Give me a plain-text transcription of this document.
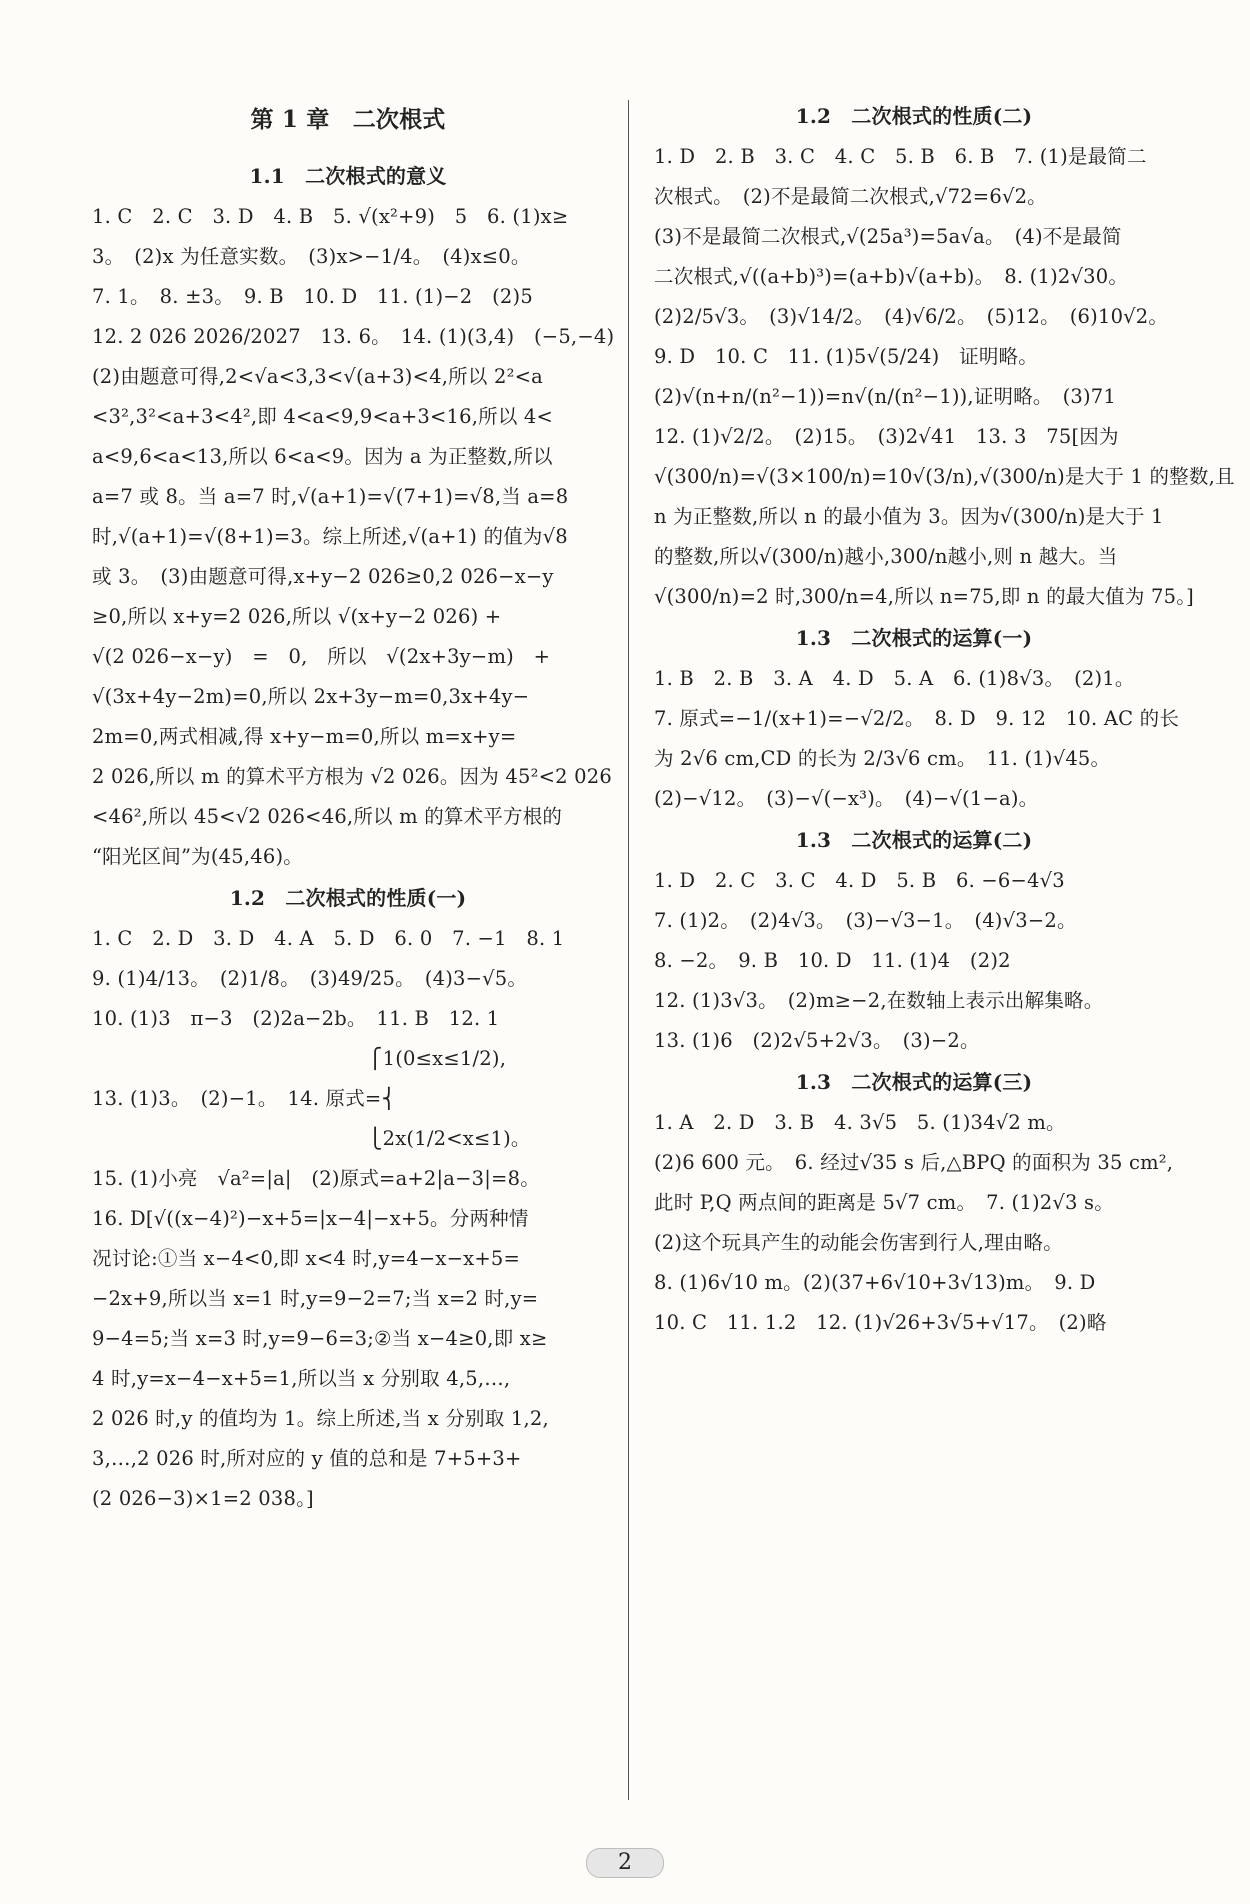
第 1 章　二次根式
1.1　二次根式的意义
1. C　2. C　3. D　4. B　5. √(x²+9)　5　6. (1)x≥
3。　(2)x 为任意实数。　(3)x>−1/4。　(4)x≤0。
7. 1。　8. ±3。　9. B　10. D　11. (1)−2　(2)5
12. 2 026 2026/2027　13. 6。　14. (1)(3,4)　(−5,−4)
(2)由题意可得,2<√a<3,3<√(a+3)<4,所以 2²<a
<3²,3²<a+3<4²,即 4<a<9,9<a+3<16,所以 4<
a<9,6<a<13,所以 6<a<9。因为 a 为正整数,所以
a=7 或 8。当 a=7 时,√(a+1)=√(7+1)=√8,当 a=8
时,√(a+1)=√(8+1)=3。综上所述,√(a+1) 的值为√8
或 3。　(3)由题意可得,x+y−2 026≥0,2 026−x−y
≥0,所以 x+y=2 026,所以 √(x+y−2 026) +
√(2 026−x−y)　=　0,　所以　√(2x+3y−m)　+
√(3x+4y−2m)=0,所以 2x+3y−m=0,3x+4y−
2m=0,两式相减,得 x+y−m=0,所以 m=x+y=
2 026,所以 m 的算术平方根为 √2 026。因为 45²<2 026
<46²,所以 45<√2 026<46,所以 m 的算术平方根的
“阳光区间”为(45,46)。
1.2　二次根式的性质(一)
1. C　2. D　3. D　4. A　5. D　6. 0　7. −1　8. 1
9. (1)4/13。　(2)1/8。　(3)49/25。　(4)3−√5。
10. (1)3　π−3　(2)2a−2b。　11. B　12. 1
　　　　　　　　　　　　　　⎧1(0≤x≤1/2),
13. (1)3。　(2)−1。　14. 原式=⎨
　　　　　　　　　　　　　　⎩2x(1/2<x≤1)。
15. (1)小亮　√a²=|a|　(2)原式=a+2|a−3|=8。
16. D[√((x−4)²)−x+5=|x−4|−x+5。分两种情
况讨论:①当 x−4<0,即 x<4 时,y=4−x−x+5=
−2x+9,所以当 x=1 时,y=9−2=7;当 x=2 时,y=
9−4=5;当 x=3 时,y=9−6=3;②当 x−4≥0,即 x≥
4 时,y=x−4−x+5=1,所以当 x 分别取 4,5,…,
2 026 时,y 的值均为 1。综上所述,当 x 分别取 1,2,
3,…,2 026 时,所对应的 y 值的总和是 7+5+3+
(2 026−3)×1=2 038。]
1.2　二次根式的性质(二)
1. D　2. B　3. C　4. C　5. B　6. B　7. (1)是最简二
次根式。　(2)不是最简二次根式,√72=6√2。
(3)不是最简二次根式,√(25a³)=5a√a。　(4)不是最简
二次根式,√((a+b)³)=(a+b)√(a+b)。　8. (1)2√30。
(2)2/5√3。　(3)√14/2。　(4)√6/2。　(5)12。　(6)10√2。
9. D　10. C　11. (1)5√(5/24)　证明略。
(2)√(n+n/(n²−1))=n√(n/(n²−1)),证明略。　(3)71
12. (1)√2/2。　(2)15。　(3)2√41　13. 3　75[因为
√(300/n)=√(3×100/n)=10√(3/n),√(300/n)是大于 1 的整数,且
n 为正整数,所以 n 的最小值为 3。因为√(300/n)是大于 1
的整数,所以√(300/n)越小,300/n越小,则 n 越大。当
√(300/n)=2 时,300/n=4,所以 n=75,即 n 的最大值为 75。]
1.3　二次根式的运算(一)
1. B　2. B　3. A　4. D　5. A　6. (1)8√3。　(2)1。
7. 原式=−1/(x+1)=−√2/2。　8. D　9. 12　10. AC 的长
为 2√6 cm,CD 的长为 2/3√6 cm。　11. (1)√45。
(2)−√12。　(3)−√(−x³)。　(4)−√(1−a)。
1.3　二次根式的运算(二)
1. D　2. C　3. C　4. D　5. B　6. −6−4√3
7. (1)2。　(2)4√3。　(3)−√3−1。　(4)√3−2。
8. −2。　9. B　10. D　11. (1)4　(2)2
12. (1)3√3。　(2)m≥−2,在数轴上表示出解集略。
13. (1)6　(2)2√5+2√3。　(3)−2。
1.3　二次根式的运算(三)
1. A　2. D　3. B　4. 3√5　5. (1)34√2 m。
(2)6 600 元。　6. 经过√35 s 后,△BPQ 的面积为 35 cm²,
此时 P,Q 两点间的距离是 5√7 cm。　7. (1)2√3 s。
(2)这个玩具产生的动能会伤害到行人,理由略。
8. (1)6√10 m。(2)(37+6√10+3√13)m。　9. D
10. C　11. 1.2　12. (1)√26+3√5+√17。　(2)略
2
